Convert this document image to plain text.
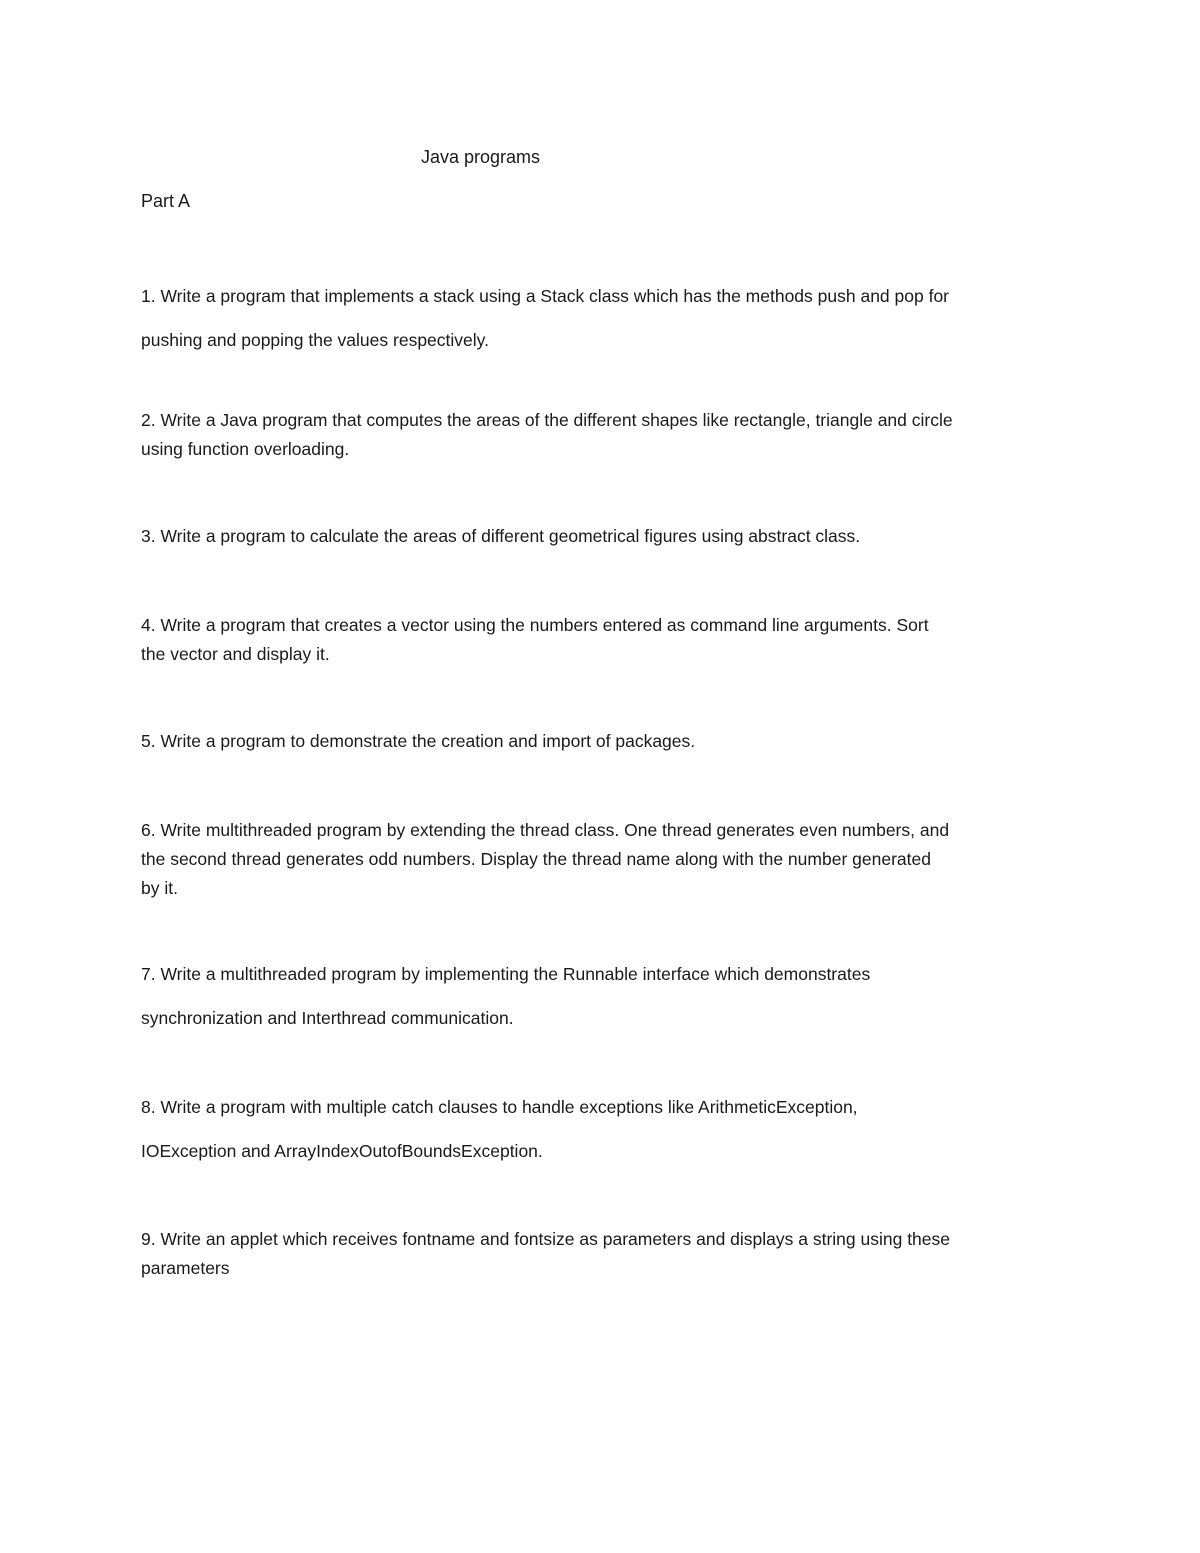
Java programs
Part A
1. Write a program that implements a stack using a Stack class which has the methods push and pop for
pushing and popping the values respectively.
2. Write a Java program that computes the areas of the different shapes like rectangle, triangle and circle
using function overloading.
3. Write a program to calculate the areas of different geometrical figures using abstract class.
4. Write a program that creates a vector using the numbers entered as command line arguments. Sort
the vector and display it.
5. Write a program to demonstrate the creation and import of packages.
6. Write multithreaded program by extending the thread class. One thread generates even numbers, and
the second thread generates odd numbers. Display the thread name along with the number generated
by it.
7. Write a multithreaded program by implementing the Runnable interface which demonstrates
synchronization and Interthread communication.
8. Write a program with multiple catch clauses to handle exceptions like ArithmeticException,
IOException and ArrayIndexOutofBoundsException.
9. Write an applet which receives fontname and fontsize as parameters and displays a string using these
parameters
